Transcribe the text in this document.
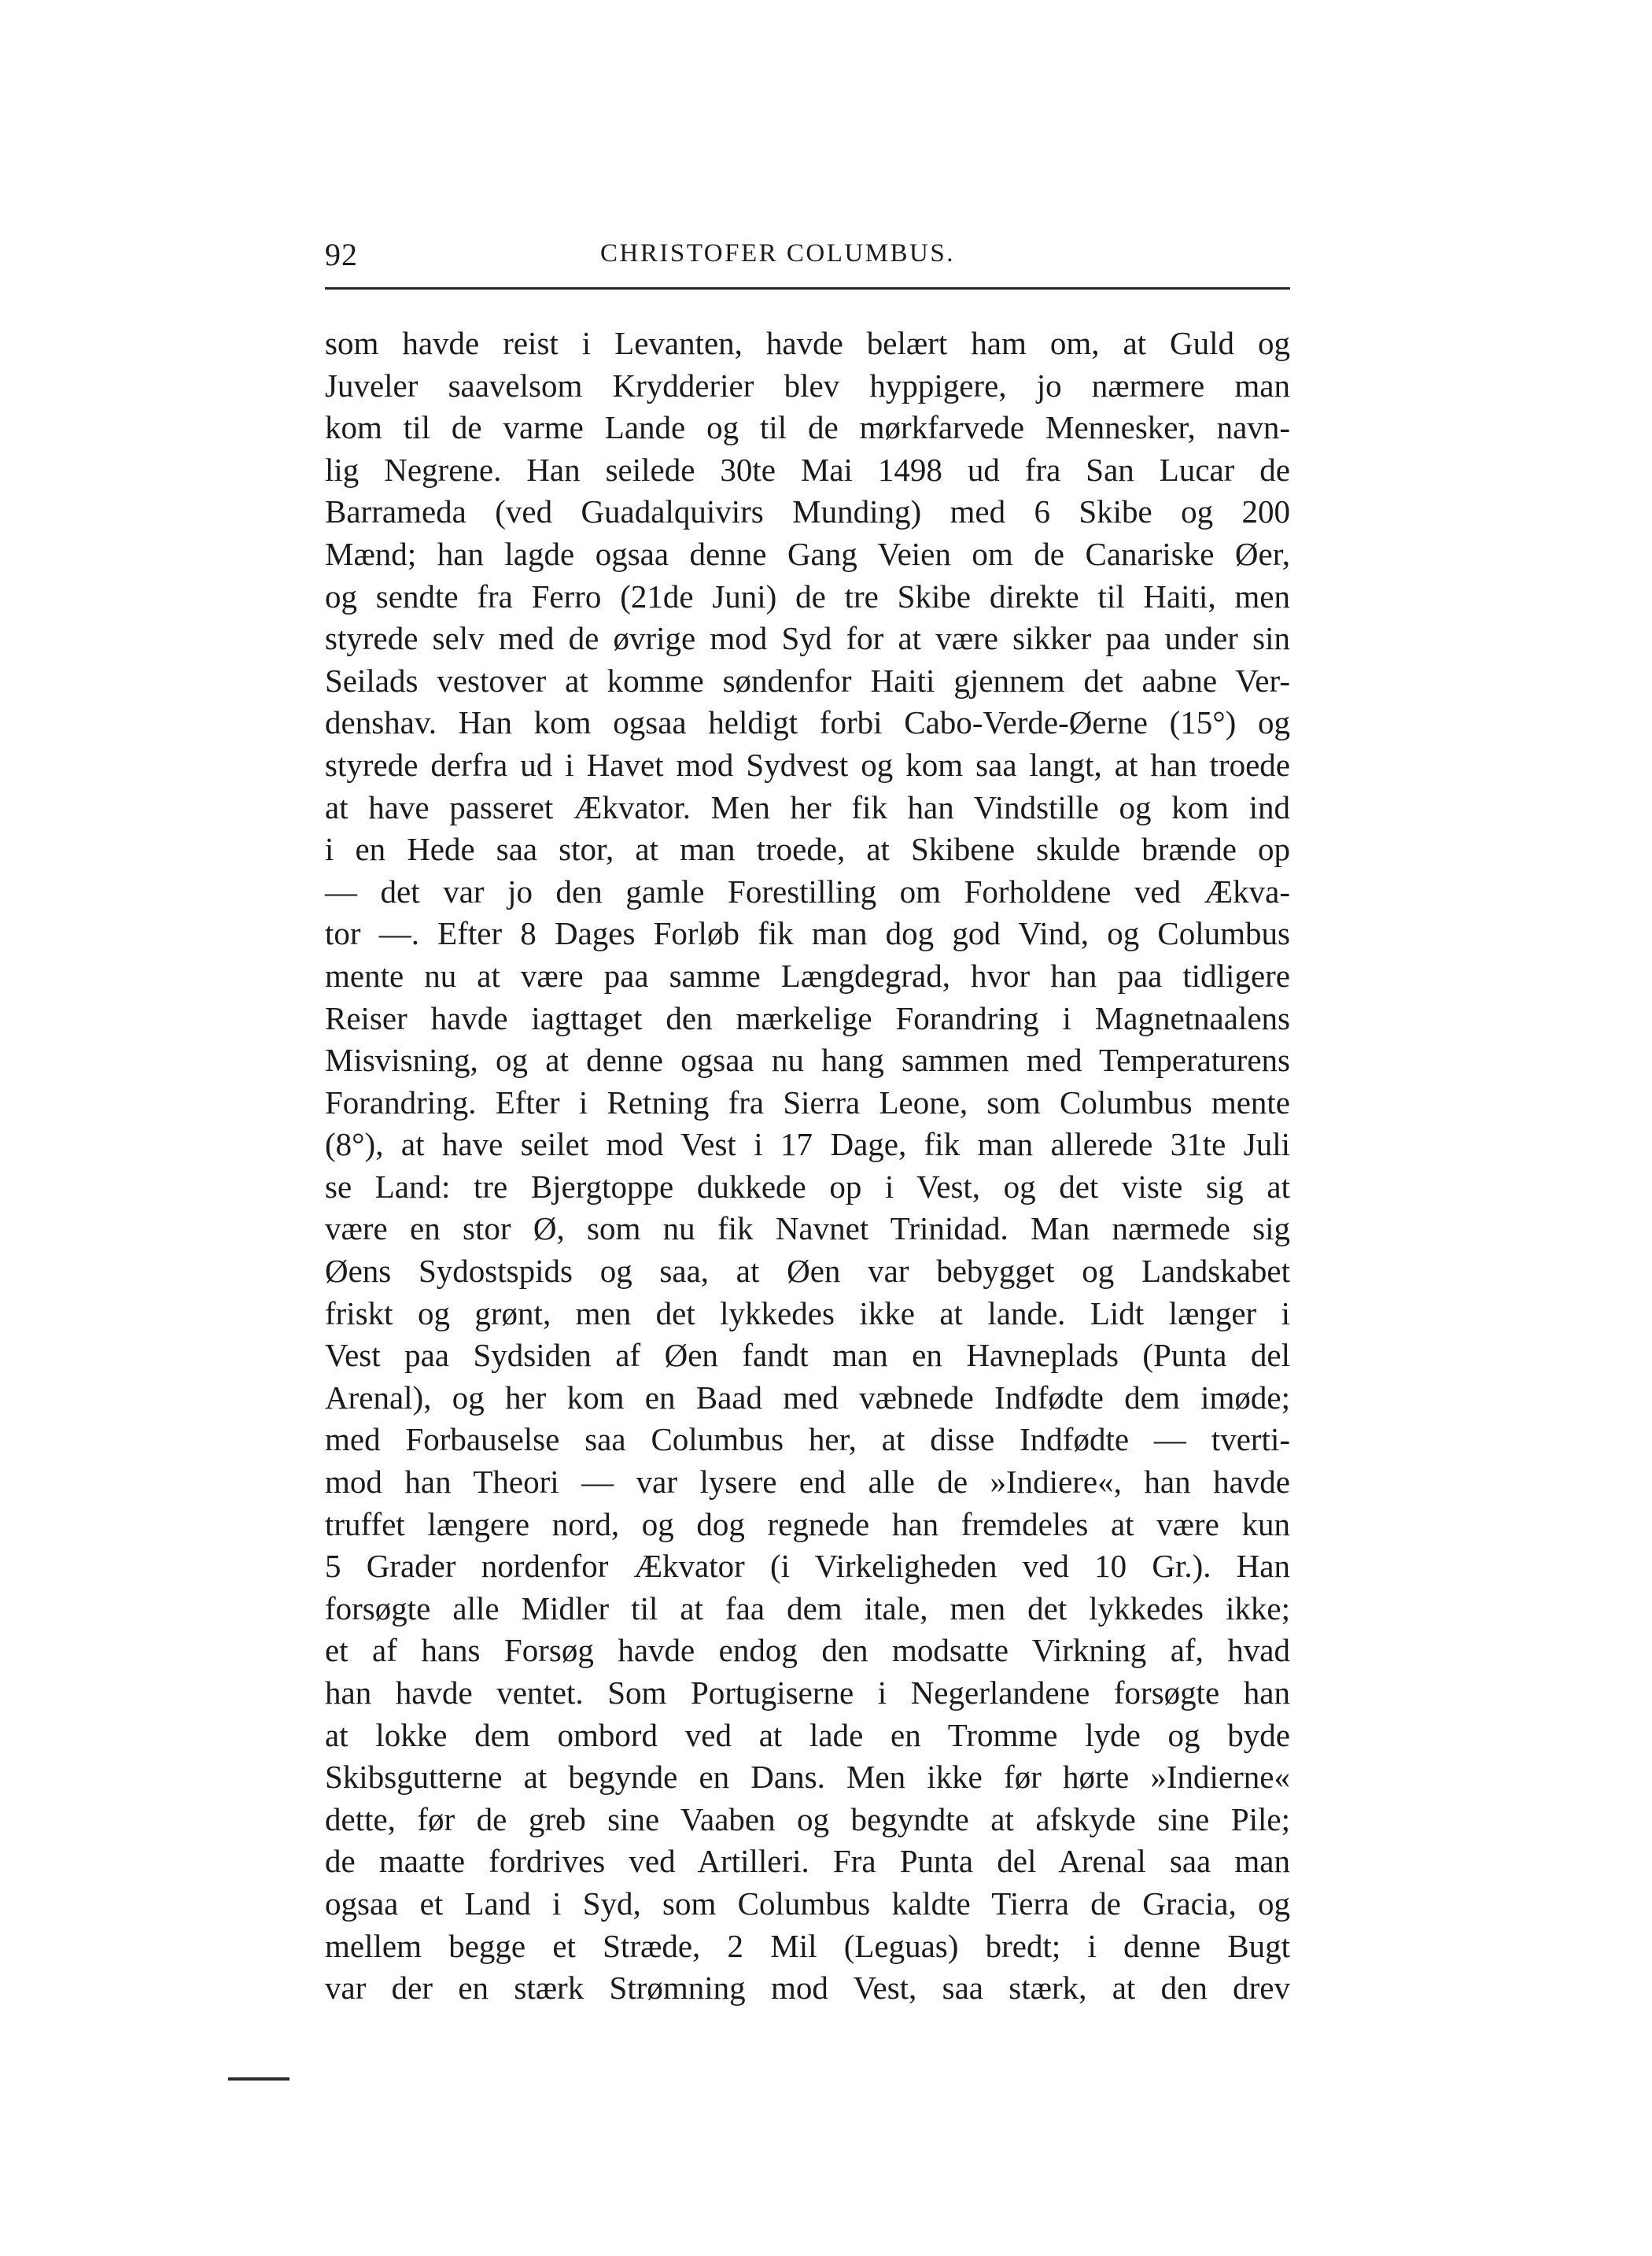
92	CHRISTOFER COLUMBUS.
som havde reist i Levanten, havde belært ham om, at Guld og
Juveler saavelsom Krydderier blev hyppigere, jo nærmere man
kom til de varme Lande og til de mørkfarvede Mennesker, navn-
lig Negrene. Han seilede 30te Mai 1498 ud fra San Lucar de
Barrameda (ved Guadalquivirs Munding) med 6 Skibe og 200
Mænd; han lagde ogsaa denne Gang Veien om de Canariske Øer,
og sendte fra Ferro (21de Juni) de tre Skibe direkte til Haiti, men
styrede selv med de øvrige mod Syd for at være sikker paa under sin
Seilads vestover at komme søndenfor Haiti gjennem det aabne Ver-
denshav. Han kom ogsaa heldigt forbi Cabo-Verde-Øerne (15°) og
styrede derfra ud i Havet mod Sydvest og kom saa langt, at han troede
at have passeret Ækvator. Men her fik han Vindstille og kom ind
i en Hede saa stor, at man troede, at Skibene skulde brænde op
— det var jo den gamle Forestilling om Forholdene ved Ækva-
tor —. Efter 8 Dages Forløb fik man dog god Vind, og Columbus
mente nu at være paa samme Længdegrad, hvor han paa tidligere
Reiser havde iagttaget den mærkelige Forandring i Magnetnaalens
Misvisning, og at denne ogsaa nu hang sammen med Temperaturens
Forandring. Efter i Retning fra Sierra Leone, som Columbus mente
(8°), at have seilet mod Vest i 17 Dage, fik man allerede 31te Juli
se Land: tre Bjergtoppe dukkede op i Vest, og det viste sig at
være en stor Ø, som nu fik Navnet Trinidad. Man nærmede sig
Øens Sydostspids og saa, at Øen var bebygget og Landskabet
friskt og grønt, men det lykkedes ikke at lande. Lidt længer i
Vest paa Sydsiden af Øen fandt man en Havneplads (Punta del
Arenal), og her kom en Baad med væbnede Indfødte dem imøde;
med Forbauselse saa Columbus her, at disse Indfødte — tverti-
mod han Theori — var lysere end alle de »Indiere«, han havde
truffet længere nord, og dog regnede han fremdeles at være kun
5 Grader nordenfor Ækvator (i Virkeligheden ved 10 Gr.). Han
forsøgte alle Midler til at faa dem itale, men det lykkedes ikke;
et af hans Forsøg havde endog den modsatte Virkning af, hvad
han havde ventet. Som Portugiserne i Negerlandene forsøgte han
at lokke dem ombord ved at lade en Tromme lyde og byde
Skibsgutterne at begynde en Dans. Men ikke før hørte »Indierne«
dette, før de greb sine Vaaben og begyndte at afskyde sine Pile;
de maatte fordrives ved Artilleri. Fra Punta del Arenal saa man
ogsaa et Land i Syd, som Columbus kaldte Tierra de Gracia, og
mellem begge et Stræde, 2 Mil (Leguas) bredt; i denne Bugt
var der en stærk Strømning mod Vest, saa stærk, at den drev
